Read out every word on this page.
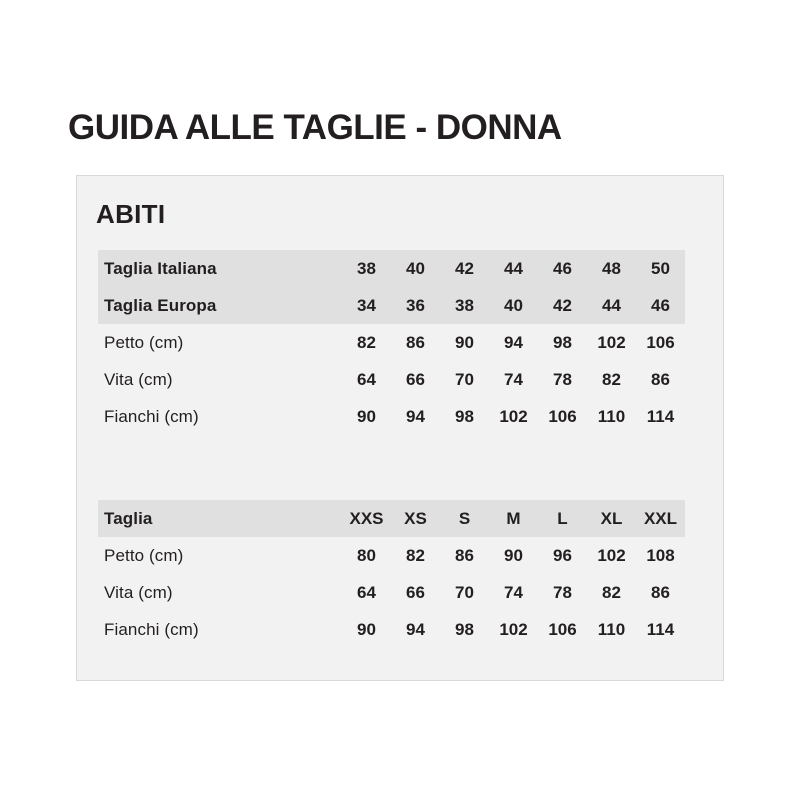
GUIDA ALLE TAGLIE - DONNA
ABITI
Taglia Italiana	38	40	42	44	46	48	50
Taglia Europa	34	36	38	40	42	44	46
Petto (cm)	82	86	90	94	98	102	106
Vita (cm)	64	66	70	74	78	82	86
Fianchi (cm)	90	94	98	102	106	110	114
Taglia	XXS	XS	S	M	L	XL	XXL
Petto (cm)	80	82	86	90	96	102	108
Vita (cm)	64	66	70	74	78	82	86
Fianchi (cm)	90	94	98	102	106	110	114
